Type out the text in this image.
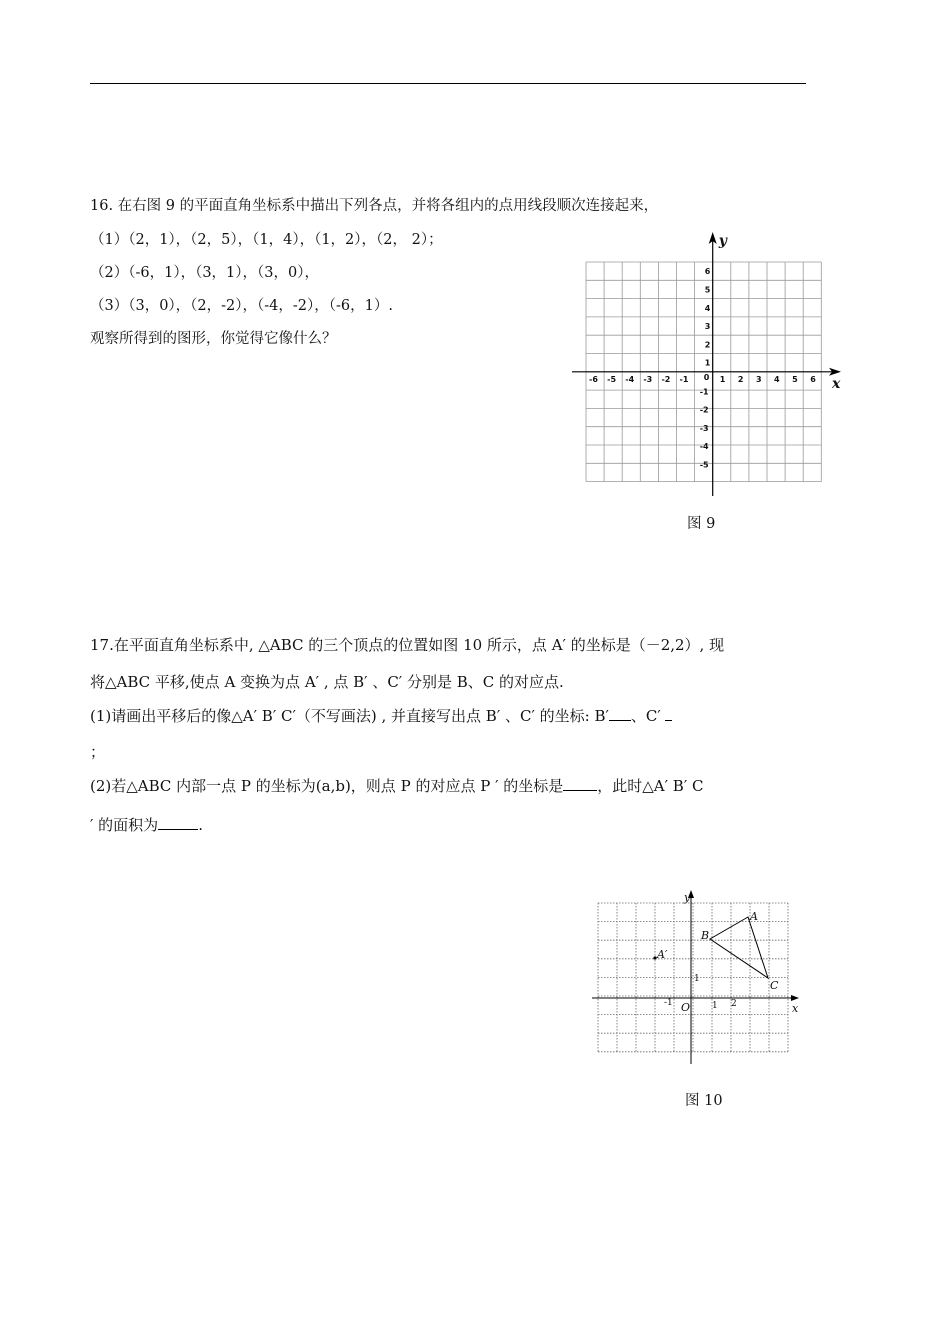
16. 在右图 9 的平面直角坐标系中描出下列各点，并将各组内的点用线段顺次连接起来，
（1）（2，1），（2，5），（1，4），（1，2），（2， 2）；
（2）（-6，1），（3，1），（3，0），
（3）（3，0），（2，-2），（-4，-2），（-6，1）.
观察所得到的图形，你觉得它像什么？
-6 -5 -4 -3 -2 -1	1 2 3 4 5 6
6
5
4
3
2
1
-1
-2
-3
-4
-5
x
y
0
图 9
17.在平面直角坐标系中, △ABC 的三个顶点的位置如图 10 所示，点 A′ 的坐标是（－2,2）, 现
将△ABC 平移,使点 A 变换为点 A′ , 点 B′ 、C′ 分别是 B、C 的对应点.
(1)请画出平移后的像△A′ B′ C′（不写画法) , 并直接写出点 B′ 、C′ 的坐标: B′ 、C′
；
(2)若△ABC 内部一点 P 的坐标为(a,b)，则点 P 的对应点 P ′ 的坐标是 ，此时△A′ B′ C
′ 的面积为	.
y
x
O
-1	1 2
1
A
B
C
A′
图 10
